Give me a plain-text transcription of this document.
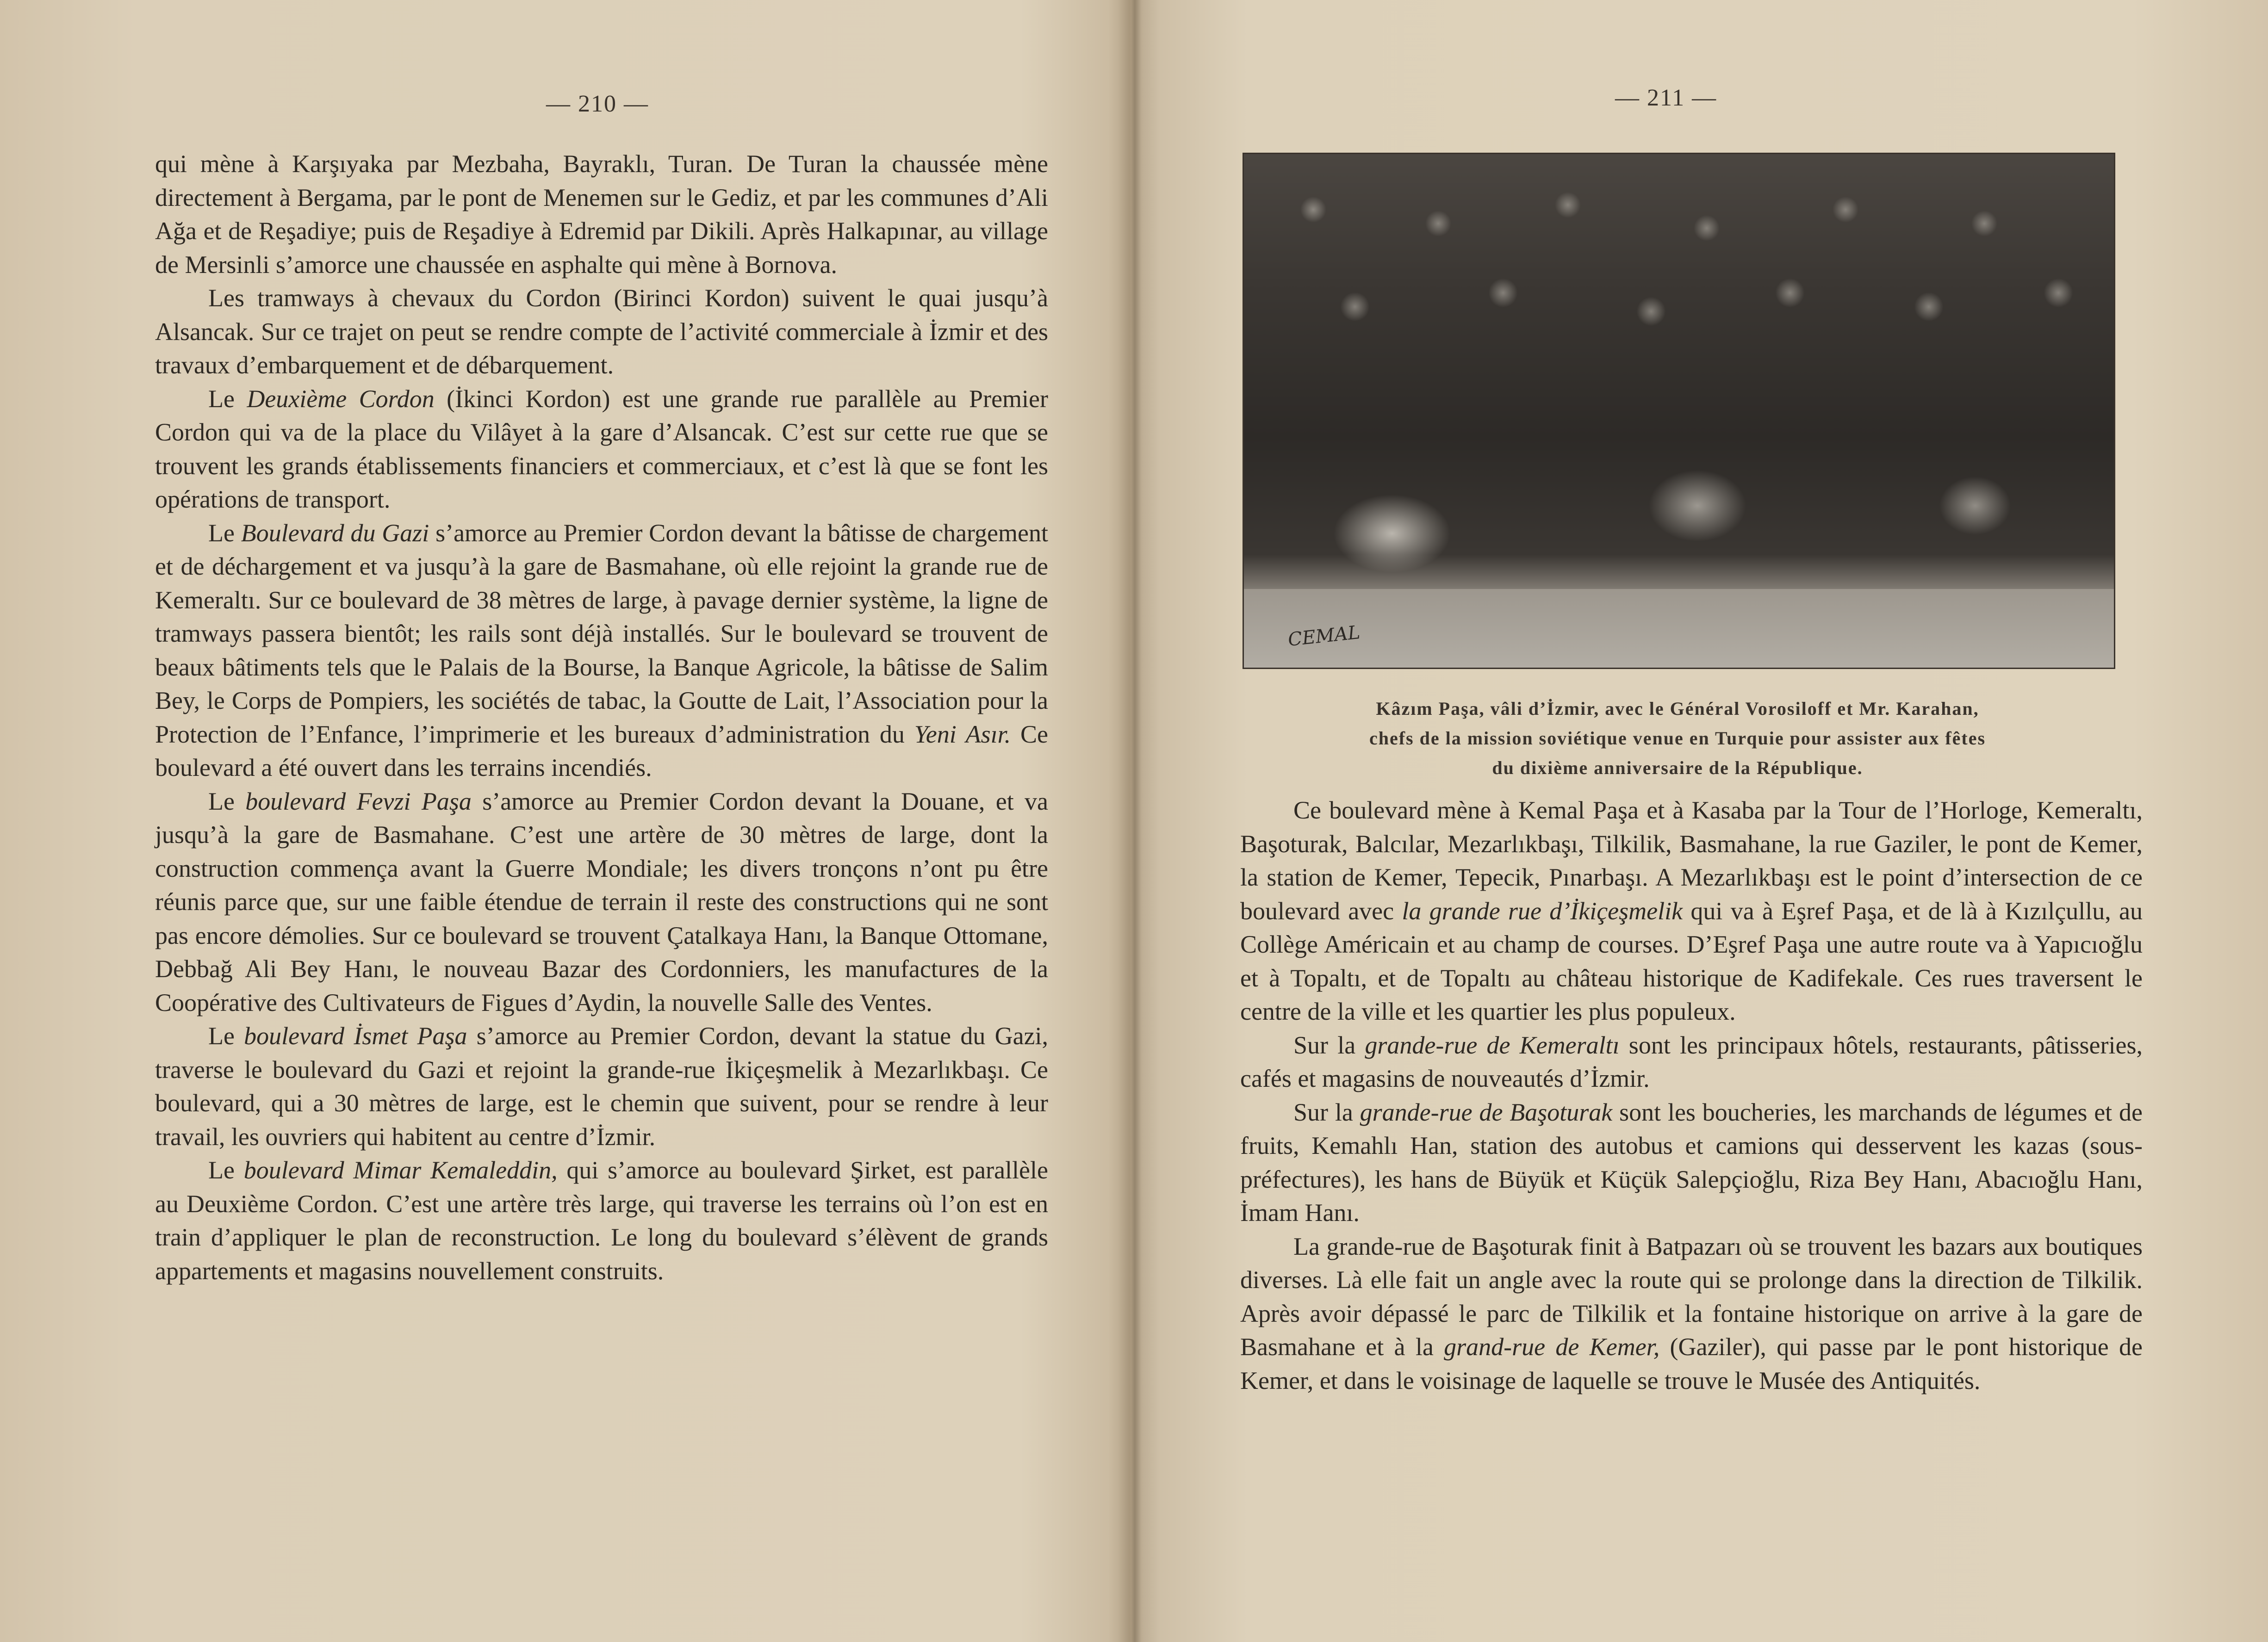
— 210 —

qui mène à Karşıyaka par Mezbaha, Bayraklı, Turan. De Turan la chaussée mène directement à Bergama, par le pont de Menemen sur le Gediz, et par les communes d’Ali Ağa et de Reşadiye; puis de Reşadiye à Edremid par Dikili. Après Halkapınar, au village de Mersinli s’amorce une chaussée en asphalte qui mène à Bornova.

Les tramways à chevaux du Cordon (Birinci Kordon) suivent le quai jusqu’à Alsancak. Sur ce trajet on peut se rendre compte de l’activité commerciale à İzmir et des travaux d’embarquement et de débarquement.

Le Deuxième Cordon (İkinci Kordon) est une grande rue parallèle au Premier Cordon qui va de la place du Vilâyet à la gare d’Alsancak. C’est sur cette rue que se trouvent les grands établissements financiers et commerciaux, et c’est là que se font les opérations de transport.

Le Boulevard du Gazi s’amorce au Premier Cordon devant la bâtisse de chargement et de déchargement et va jusqu’à la gare de Basmahane, où elle rejoint la grande rue de Kemeraltı. Sur ce boulevard de 38 mètres de large, à pavage dernier système, la ligne de tramways passera bientôt; les rails sont déjà installés. Sur le boulevard se trouvent de beaux bâtiments tels que le Palais de la Bourse, la Banque Agricole, la bâtisse de Salim Bey, le Corps de Pompiers, les sociétés de tabac, la Goutte de Lait, l’Association pour la Protection de l’Enfance, l’imprimerie et les bureaux d’administration du Yeni Asır. Ce boulevard a été ouvert dans les terrains incendiés.

Le boulevard Fevzi Paşa s’amorce au Premier Cordon devant la Douane, et va jusqu’à la gare de Basmahane. C’est une artère de 30 mètres de large, dont la construction commença avant la Guerre Mondiale; les divers tronçons n’ont pu être réunis parce que, sur une faible étendue de terrain il reste des constructions qui ne sont pas encore démolies. Sur ce boulevard se trouvent Çatalkaya Hanı, la Banque Ottomane, Debbağ Ali Bey Hanı, le nouveau Bazar des Cordonniers, les manufactures de la Coopérative des Cultivateurs de Figues d’Aydin, la nouvelle Salle des Ventes.

Le boulevard İsmet Paşa s’amorce au Premier Cordon, devant la statue du Gazi, traverse le boulevard du Gazi et rejoint la grande-rue İkiçeşmelik à Mezarlıkbaşı. Ce boulevard, qui a 30 mètres de large, est le chemin que suivent, pour se rendre à leur travail, les ouvriers qui habitent au centre d’İzmir.

Le boulevard Mimar Kemaleddin, qui s’amorce au boulevard Şirket, est parallèle au Deuxième Cordon. C’est une artère très large, qui traverse les terrains où l’on est en train d’appliquer le plan de reconstruction. Le long du boulevard s’élèvent de grands appartements et magasins nouvellement construits.

— 211 —
CEMAL
Kâzım Paşa, vâli d’İzmir, avec le Général Vorosiloff et Mr. Karahan,
chefs de la mission soviétique venue en Turquie pour assister aux fêtes
du dixième anniversaire de la République.

Ce boulevard mène à Kemal Paşa et à Kasaba par la Tour de l’Horloge, Kemeraltı, Başoturak, Balcılar, Mezarlıkbaşı, Tilkilik, Basmahane, la rue Gaziler, le pont de Kemer, la station de Kemer, Tepecik, Pınarbaşı. A Mezarlıkbaşı est le point d’intersection de ce boulevard avec la grande rue d’İkiçeşmelik qui va à Eşref Paşa, et de là à Kızılçullu, au Collège Américain et au champ de courses. D’Eşref Paşa une autre route va à Yapıcıoğlu et à Topaltı, et de Topaltı au château historique de Kadifekale. Ces rues traversent le centre de la ville et les quartier les plus populeux.

Sur la grande-rue de Kemeraltı sont les principaux hôtels, restaurants, pâtisseries, cafés et magasins de nouveautés d’İzmir.

Sur la grande-rue de Başoturak sont les boucheries, les marchands de légumes et de fruits, Kemahlı Han, station des autobus et camions qui desservent les kazas (sous-préfectures), les hans de Büyük et Küçük Salepçioğlu, Riza Bey Hanı, Abacıoğlu Hanı, İmam Hanı.

La grande-rue de Başoturak finit à Batpazarı où se trouvent les bazars aux boutiques diverses. Là elle fait un angle avec la route qui se prolonge dans la direction de Tilkilik. Après avoir dépassé le parc de Tilkilik et la fontaine historique on arrive à la gare de Basmahane et à la grand-rue de Kemer, (Gaziler), qui passe par le pont historique de Kemer, et dans le voisinage de laquelle se trouve le Musée des Antiquités.
